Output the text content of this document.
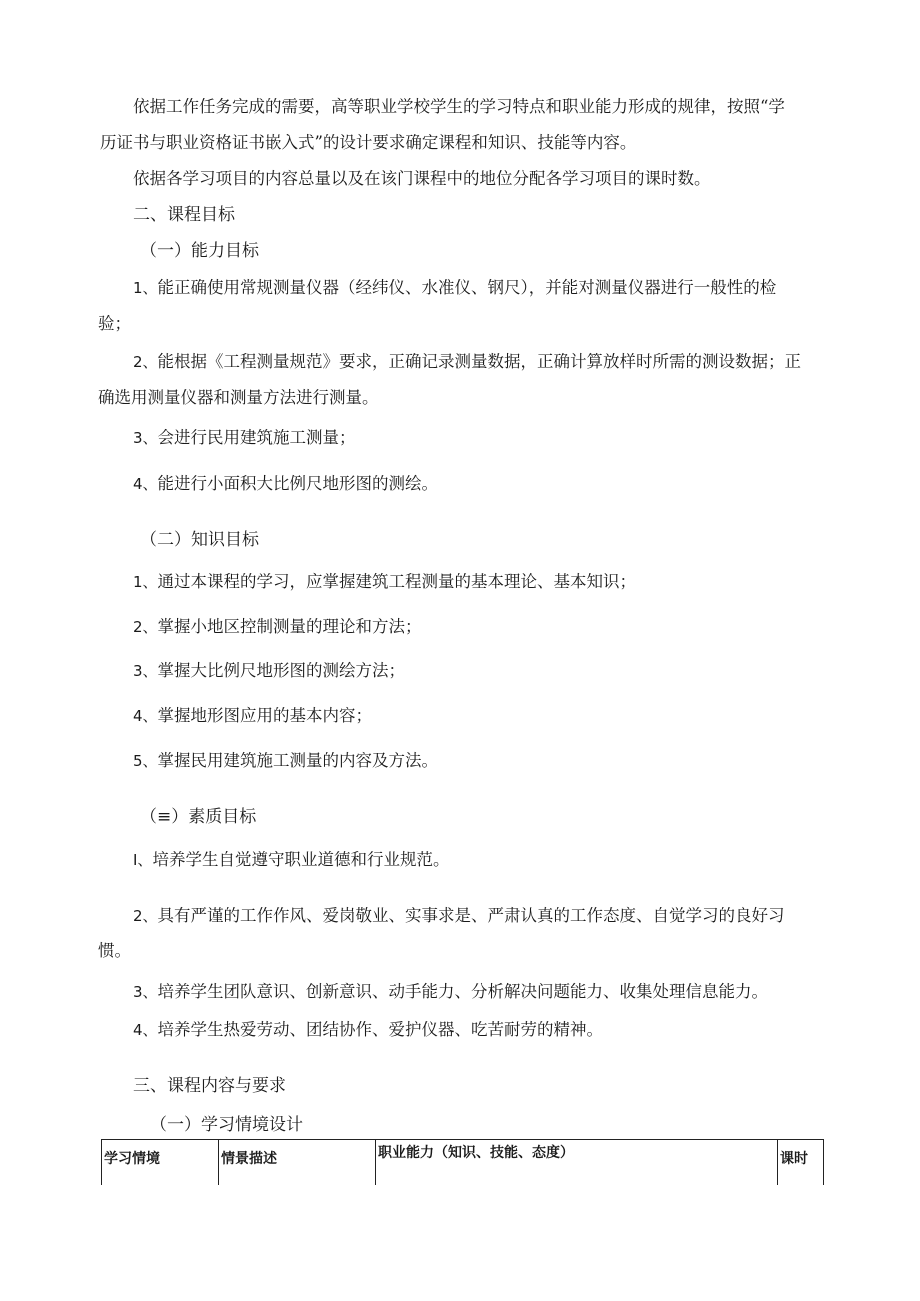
依据工作任务完成的需要，高等职业学校学生的学习特点和职业能力形成的规律，按照“学
历证书与职业资格证书嵌入式”的设计要求确定课程和知识、技能等内容。
依据各学习项目的内容总量以及在该门课程中的地位分配各学习项目的课时数。
二、课程目标
（一）能力目标
1、能正确使用常规测量仪器（经纬仪、水准仪、钢尺），并能对测量仪器进行一般性的检
验；
2、能根据《工程测量规范》要求，正确记录测量数据，正确计算放样时所需的测设数据；正
确选用测量仪器和测量方法进行测量。
3、会进行民用建筑施工测量；
4、能进行小面积大比例尺地形图的测绘。
（二）知识目标
1、通过本课程的学习，应掌握建筑工程测量的基本理论、基本知识；
2、掌握小地区控制测量的理论和方法；
3、掌握大比例尺地形图的测绘方法；
4、掌握地形图应用的基本内容；
5、掌握民用建筑施工测量的内容及方法。
（≡）素质目标
I、培养学生自觉遵守职业道德和行业规范。
2、具有严谨的工作作风、爱岗敬业、实事求是、严肃认真的工作态度、自觉学习的良好习
惯。
3、培养学生团队意识、创新意识、动手能力、分析解决问题能力、收集处理信息能力。
4、培养学生热爱劳动、团结协作、爱护仪器、吃苦耐劳的精神。
三、课程内容与要求
（一）学习情境设计
学习情境	情景描述	职业能力（知识、技能、态度）	课时
